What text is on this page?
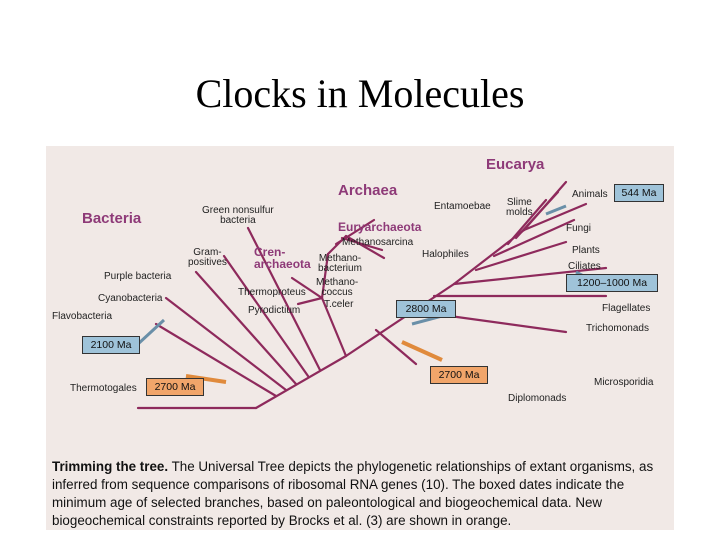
Clocks in Molecules
Bacteria
Archaea
Euryarchaeota
Cren-
archaeota
Eucarya
Flavobacteria
Cyanobacteria
Purple bacteria
Gram-
positives
Green nonsulfur
bacteria
Thermotogales
Thermoproteus
Pyrodictium
Methanosarcina
Methano-
bacterium
Methano-
coccus
T.celer
Halophiles
Entamoebae Slime
molds
Animals
Fungi
Plants
Ciliates
Flagellates
Trichomonads
Microsporidia
Diplomonads
2100 Ma
2700 Ma
2800 Ma
2700 Ma
544 Ma
1200–1000 Ma
Trimming the tree. The Universal Tree depicts the phylogenetic relationships of extant organisms, as inferred from sequence comparisons of ribosomal RNA genes (10). The boxed dates indicate the minimum age of selected branches, based on paleontological and biogeochemical data. New biogeochemical constraints reported by Brocks et al. (3) are shown in orange.
